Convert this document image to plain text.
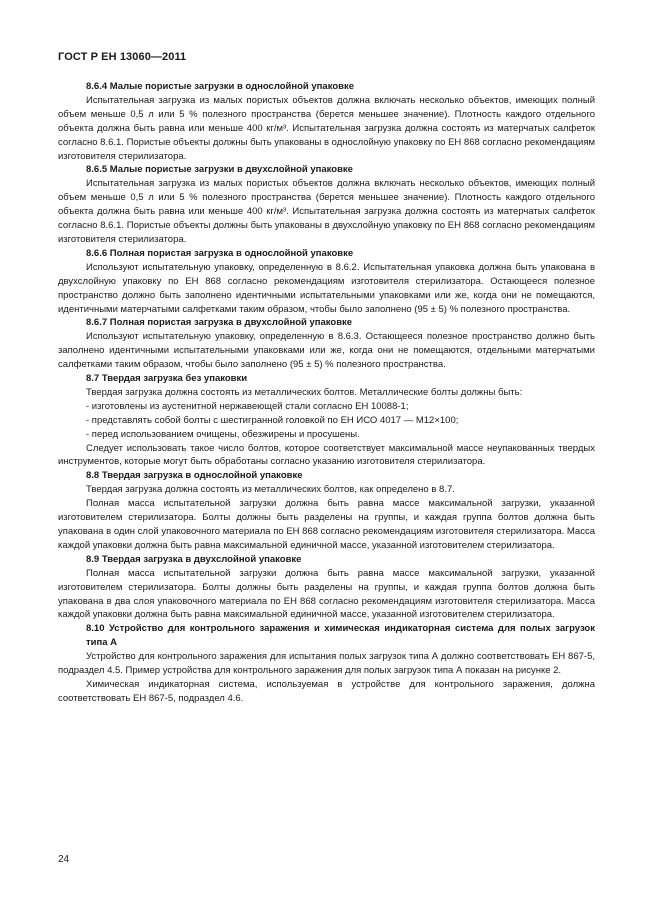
ГОСТ Р ЕН 13060—2011

8.6.4 Малые пористые загрузки в однослойной упаковке

Испытательная загрузка из малых пористых объектов должна включать несколько объектов, имеющих полный объем меньше 0,5 л или 5 % полезного пространства (берется меньшее значение). Плотность каждого отдельного объекта должна быть равна или меньше 400 кг/м³. Испытательная загрузка должна состоять из матерчатых салфеток согласно 8.6.1. Пористые объекты должны быть упакованы в однослойную упаковку по ЕН 868 согласно рекомендациям изготовителя стерилизатора.

8.6.5 Малые пористые загрузки в двухслойной упаковке

Испытательная загрузка из малых пористых объектов должна включать несколько объектов, имеющих полный объем меньше 0,5 л или 5 % полезного пространства (берется меньшее значение). Плотность каждого отдельного объекта должна быть равна или меньше 400 кг/м³. Испытательная загрузка должна состоять из матерчатых салфеток согласно 8.6.1. Пористые объекты должны быть упакованы в двухслойную упаковку по ЕН 868 согласно рекомендациям изготовителя стерилизатора.

8.6.6 Полная пористая загрузка в однослойной упаковке

Используют испытательную упаковку, определенную в 8.6.2. Испытательная упаковка должна быть упакована в двухслойную упаковку по ЕН 868 согласно рекомендациям изготовителя стерилизатора. Остающееся полезное пространство должно быть заполнено идентичными испытательными упаковками или же, когда они не помещаются, идентичными матерчатыми салфетками таким образом, чтобы было заполнено (95 ± 5) % полезного пространства.

8.6.7 Полная пористая загрузка в двухслойной упаковке

Используют испытательную упаковку, определенную в 8.6.3. Остающееся полезное пространство должно быть заполнено идентичными испытательными упаковками или же, когда они не помещаются, отдельными матерчатыми салфетками таким образом, чтобы было заполнено (95 ± 5) % полезного пространства.

8.7 Твердая загрузка без упаковки

Твердая загрузка должна состоять из металлических болтов. Металлические болты должны быть:

- изготовлены из аустенитной нержавеющей стали согласно ЕН 10088-1;

- представлять собой болты с шестигранной головкой по ЕН ИСО 4017 — М12×100;

- перед использованием очищены, обезжирены и просушены.

Следует использовать такое число болтов, которое соответствует максимальной массе неупакованных твердых инструментов, которые могут быть обработаны согласно указанию изготовителя стерилизатора.

8.8 Твердая загрузка в однослойной упаковке

Твердая загрузка должна состоять из металлических болтов, как определено в 8.7.

Полная масса испытательной загрузки должна быть равна массе максимальной загрузки, указанной изготовителем стерилизатора. Болты должны быть разделены на группы, и каждая группа болтов должна быть упакована в один слой упаковочного материала по ЕН 868 согласно рекомендациям изготовителя стерилизатора. Масса каждой упаковки должна быть равна максимальной единичной массе, указанной изготовителем стерилизатора.

8.9 Твердая загрузка в двухслойной упаковке

Полная масса испытательной загрузки должна быть равна массе максимальной загрузки, указанной изготовителем стерилизатора. Болты должны быть разделены на группы, и каждая группа болтов должна быть упакована в два слоя упаковочного материала по ЕН 868 согласно рекомендациям изготовителя стерилизатора. Масса каждой упаковки должна быть равна максимальной единичной массе, указанной изготовителем стерилизатора.

8.10 Устройство для контрольного заражения и химическая индикаторная система для полых загрузок типа А

Устройство для контрольного заражения для испытания полых загрузок типа А должно соответствовать ЕН 867-5, подраздел 4.5. Пример устройства для контрольного заражения для полых загрузок типа А показан на рисунке 2.

Химическая индикаторная система, используемая в устройстве для контрольного заражения, должна соответствовать ЕН 867-5, подраздел 4.6.

24
